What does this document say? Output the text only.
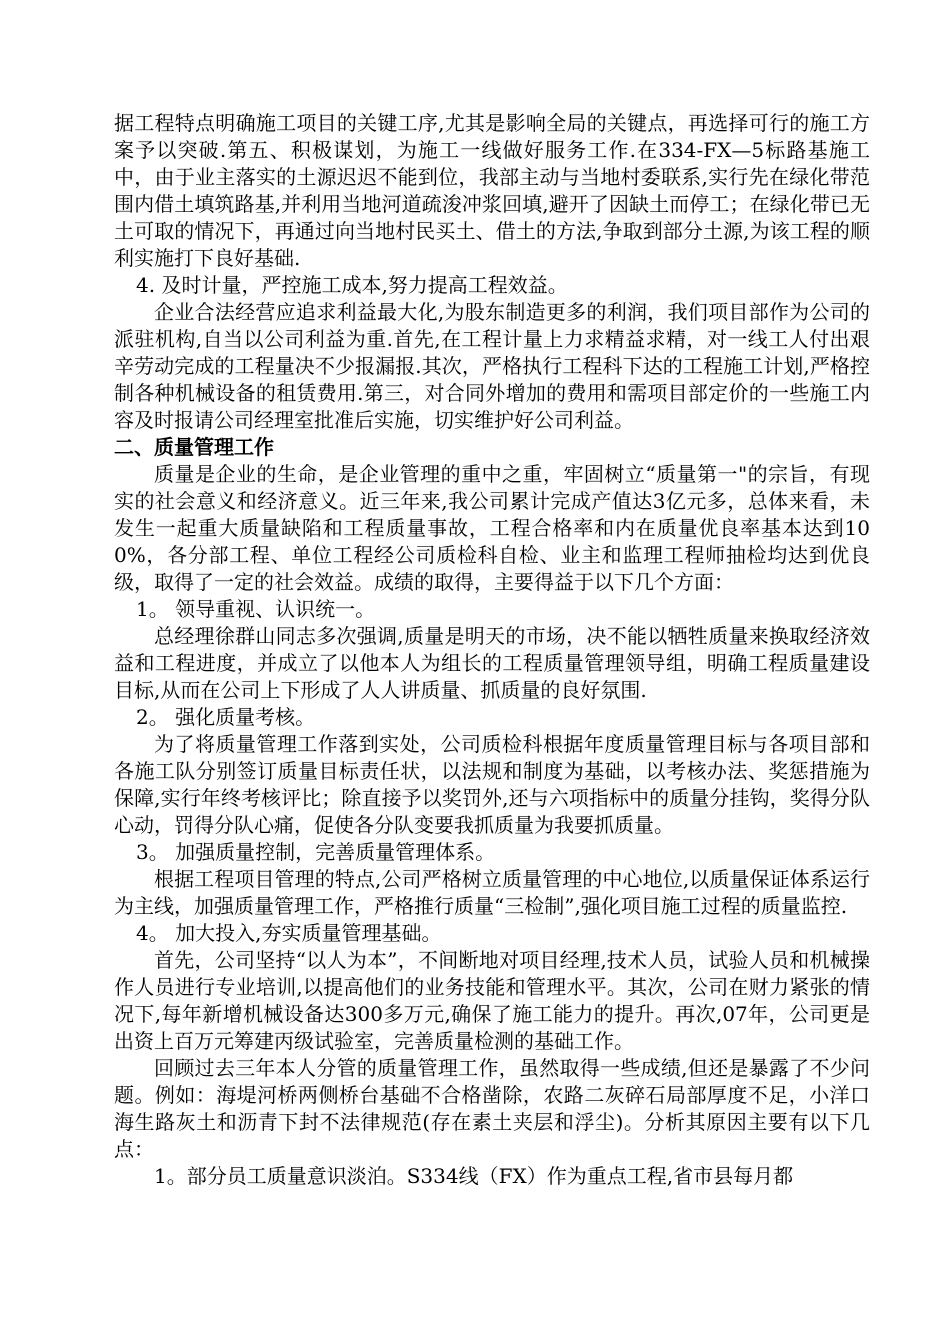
据工程特点明确施工项目的关键工序,尤其是影响全局的关键点，再选择可行的施工方案予以突破.第五、积极谋划，为施工一线做好服务工作.在334-FX—5标路基施工中，由于业主落实的土源迟迟不能到位，我部主动与当地村委联系,实行先在绿化带范围内借土填筑路基,并利用当地河道疏浚冲浆回填,避开了因缺土而停工；在绿化带已无土可取的情况下，再通过向当地村民买土、借土的方法,争取到部分土源,为该工程的顺利实施打下良好基础.

4. 及时计量，严控施工成本,努力提高工程效益。

企业合法经营应追求利益最大化,为股东制造更多的利润，我们项目部作为公司的派驻机构,自当以公司利益为重.首先,在工程计量上力求精益求精，对一线工人付出艰辛劳动完成的工程量决不少报漏报.其次，严格执行工程科下达的工程施工计划,严格控制各种机械设备的租赁费用.第三，对合同外增加的费用和需项目部定价的一些施工内容及时报请公司经理室批准后实施，切实维护好公司利益。

二、质量管理工作

质量是企业的生命，是企业管理的重中之重，牢固树立“质量第一"的宗旨，有现实的社会意义和经济意义。近三年来,我公司累计完成产值达3亿元多，总体来看，未发生一起重大质量缺陷和工程质量事故，工程合格率和内在质量优良率基本达到100%，各分部工程、单位工程经公司质检科自检、业主和监理工程师抽检均达到优良级，取得了一定的社会效益。成绩的取得，主要得益于以下几个方面：

1。 领导重视、认识统一。

总经理徐群山同志多次强调,质量是明天的市场，决不能以牺牲质量来换取经济效益和工程进度，并成立了以他本人为组长的工程质量管理领导组，明确工程质量建设目标,从而在公司上下形成了人人讲质量、抓质量的良好氛围.

2。 强化质量考核。

为了将质量管理工作落到实处，公司质检科根据年度质量管理目标与各项目部和各施工队分别签订质量目标责任状，以法规和制度为基础，以考核办法、奖惩措施为保障,实行年终考核评比；除直接予以奖罚外,还与六项指标中的质量分挂钩，奖得分队心动，罚得分队心痛，促使各分队变要我抓质量为我要抓质量。

3。 加强质量控制，完善质量管理体系。

根据工程项目管理的特点,公司严格树立质量管理的中心地位,以质量保证体系运行为主线，加强质量管理工作，严格推行质量“三检制”,强化项目施工过程的质量监控.

4。 加大投入,夯实质量管理基础。

首先，公司坚持“以人为本”，不间断地对项目经理,技术人员，试验人员和机械操作人员进行专业培训,以提高他们的业务技能和管理水平。其次，公司在财力紧张的情况下,每年新增机械设备达300多万元,确保了施工能力的提升。再次,07年，公司更是出资上百万元筹建丙级试验室，完善质量检测的基础工作。

回顾过去三年本人分管的质量管理工作，虽然取得一些成绩,但还是暴露了不少问题。例如：海堤河桥两侧桥台基础不合格凿除，农路二灰碎石局部厚度不足，小洋口海生路灰土和沥青下封不法律规范(存在素土夹层和浮尘)。分析其原因主要有以下几点：

1。部分员工质量意识淡泊。S334线（FX）作为重点工程,省市县每月都
